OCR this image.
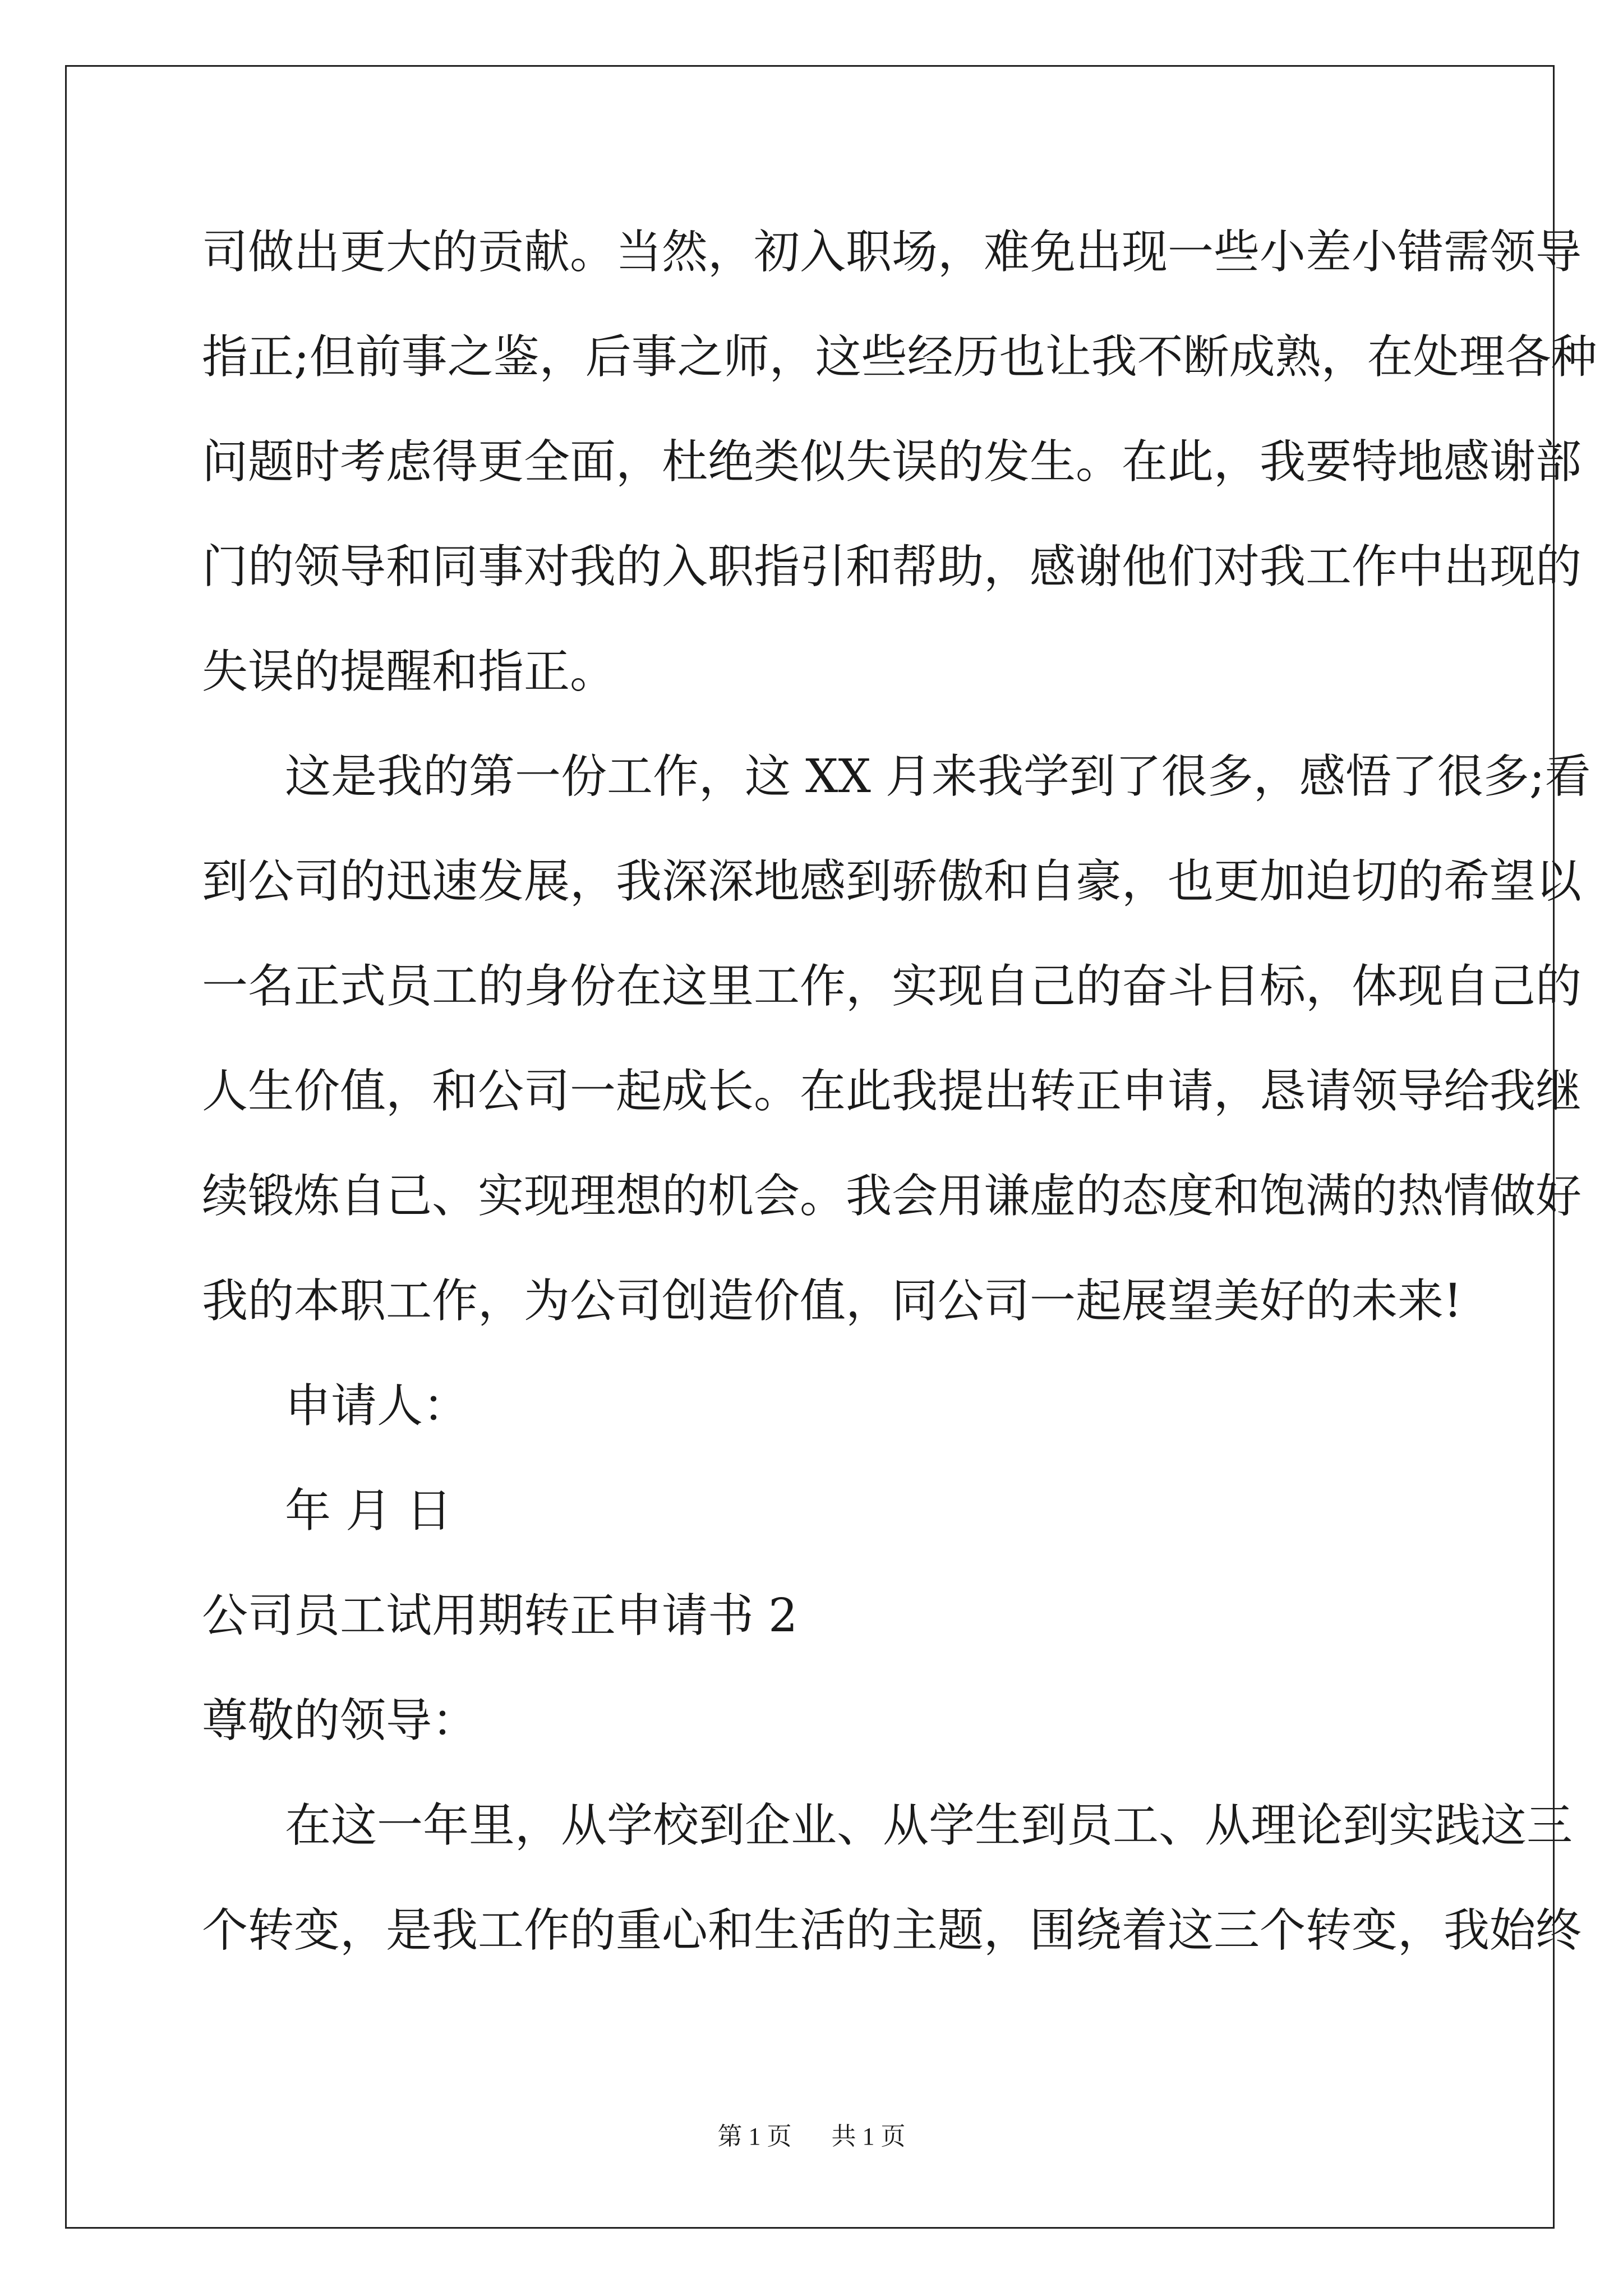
司做出更大的贡献。当然，初入职场，难免出现一些小差小错需领导
指正;但前事之鉴，后事之师，这些经历也让我不断成熟，在处理各种
问题时考虑得更全面，杜绝类似失误的发生。在此，我要特地感谢部
门的领导和同事对我的入职指引和帮助，感谢他们对我工作中出现的
失误的提醒和指正。
这是我的第一份工作，这 XX 月来我学到了很多，感悟了很多;看
到公司的迅速发展，我深深地感到骄傲和自豪，也更加迫切的希望以
一名正式员工的身份在这里工作，实现自己的奋斗目标，体现自己的
人生价值，和公司一起成长。在此我提出转正申请，恳请领导给我继
续锻炼自己、实现理想的机会。我会用谦虚的态度和饱满的热情做好
我的本职工作，为公司创造价值，同公司一起展望美好的未来!
申请人：
年 月 日
公司员工试用期转正申请书 2
尊敬的领导：
在这一年里，从学校到企业、从学生到员工、从理论到实践这三
个转变，是我工作的重心和生活的主题，围绕着这三个转变，我始终
第 1 页 共 1 页
